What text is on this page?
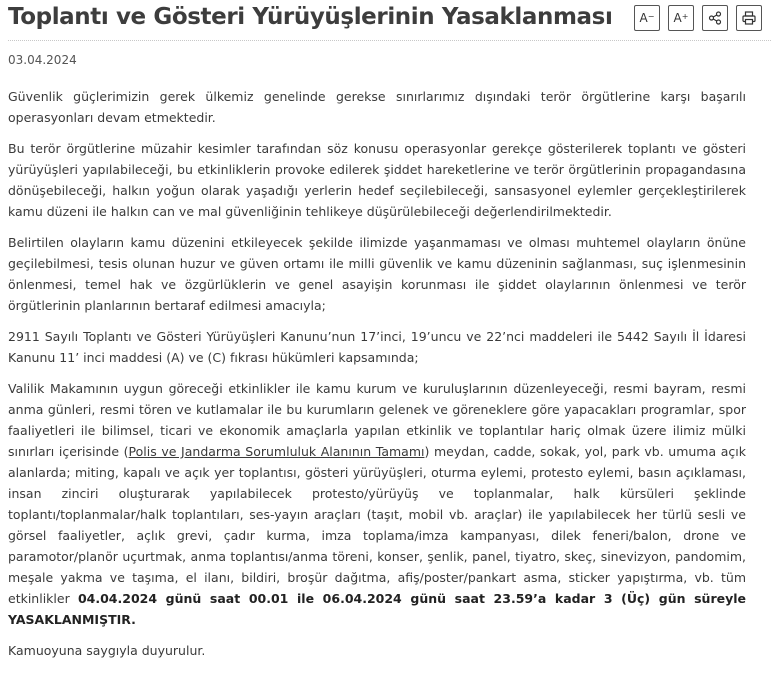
Toplantı ve Gösteri Yürüyüşlerinin Yasaklanması A− A+
03.04.2024

Güvenlik güçlerimizin gerek ülkemiz genelinde gerekse sınırlarımız dışındaki terör örgütlerine karşı başarılı operasyonları devam etmektedir.

Bu terör örgütlerine müzahir kesimler tarafından söz konusu operasyonlar gerekçe gösterilerek toplantı ve gösteri yürüyüşleri yapılabileceği, bu etkinliklerin provoke edilerek şiddet hareketlerine ve terör örgütlerinin propagandasına dönüşebileceği, halkın yoğun olarak yaşadığı yerlerin hedef seçilebileceği, sansasyonel eylemler gerçekleştirilerek kamu düzeni ile halkın can ve mal güvenliğinin tehlikeye düşürülebileceği değerlendirilmektedir.

Belirtilen olayların kamu düzenini etkileyecek şekilde ilimizde yaşanmaması ve olması muhtemel olayların önüne geçilebilmesi, tesis olunan huzur ve güven ortamı ile milli güvenlik ve kamu düzeninin sağlanması, suç işlenmesinin önlenmesi, temel hak ve özgürlüklerin ve genel asayişin korunması ile şiddet olaylarının önlenmesi ve terör örgütlerinin planlarının bertaraf edilmesi amacıyla;

2911 Sayılı Toplantı ve Gösteri Yürüyüşleri Kanunu’nun 17’inci, 19’uncu ve 22’nci maddeleri ile 5442 Sayılı İl İdaresi Kanunu 11’ inci maddesi (A) ve (C) fıkrası hükümleri kapsamında;

Valilik Makamının uygun göreceği etkinlikler ile kamu kurum ve kuruluşlarının düzenleyeceği, resmi bayram, resmi anma günleri, resmi tören ve kutlamalar ile bu kurumların gelenek ve göreneklere göre yapacakları programlar, spor faaliyetleri ile bilimsel, ticari ve ekonomik amaçlarla yapılan etkinlik ve toplantılar hariç olmak üzere ilimiz mülki sınırları içerisinde (Polis ve Jandarma Sorumluluk Alanının Tamamı) meydan, cadde, sokak, yol, park vb. umuma açık alanlarda; miting, kapalı ve açık yer toplantısı, gösteri yürüyüşleri, oturma eylemi, protesto eylemi, basın açıklaması, insan zinciri oluşturarak yapılabilecek protesto/yürüyüş ve toplanmalar, halk kürsüleri şeklinde toplantı/toplanmalar/halk toplantıları, ses-yayın araçları (taşıt, mobil vb. araçlar) ile yapılabilecek her türlü sesli ve görsel faaliyetler, açlık grevi, çadır kurma, imza toplama/imza kampanyası, dilek feneri/balon, drone ve paramotor/planör uçurtmak, anma toplantısı/anma töreni, konser, şenlik, panel, tiyatro, skeç, sinevizyon, pandomim, meşale yakma ve taşıma, el ilanı, bildiri, broşür dağıtma, afiş/poster/pankart asma, sticker yapıştırma, vb. tüm etkinlikler 04.04.2024 günü saat 00.01 ile 06.04.2024 günü saat 23.59’a kadar 3 (Üç) gün süreyle YASAKLANMIŞTIR.

Kamuoyuna saygıyla duyurulur.
